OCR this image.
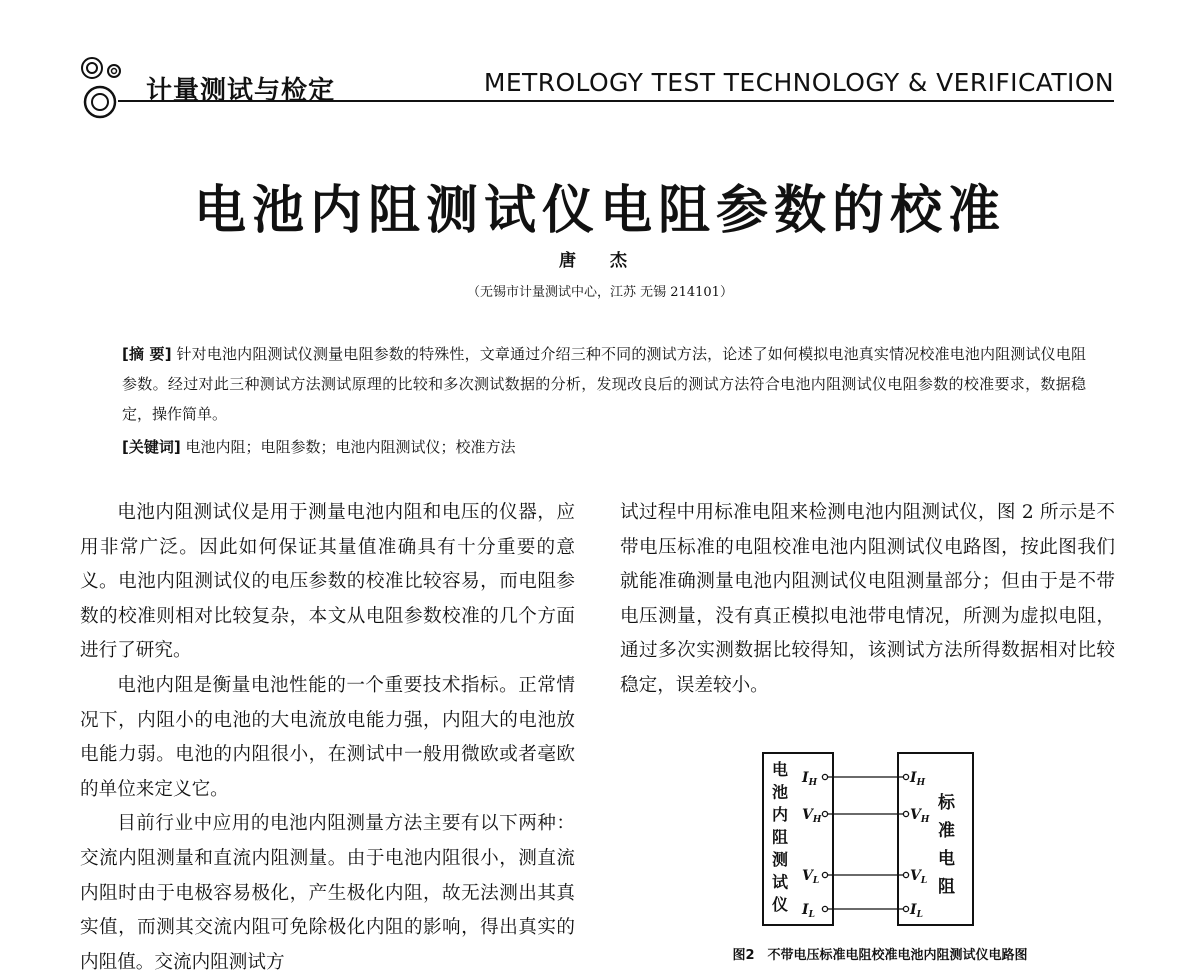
计量测试与检定	METROLOGY TEST TECHNOLOGY & VERIFICATION
电池内阻测试仪电阻参数的校准
唐 杰
（无锡市计量测试中心，江苏 无锡 214101）
[摘 要] 针对电池内阻测试仪测量电阻参数的特殊性，文章通过介绍三种不同的测试方法，论述了如何模拟电池真实情况校准电池内阻测试仪电阻参数。经过对此三种测试方法测试原理的比较和多次测试数据的分析，发现改良后的测试方法符合电池内阻测试仪电阻参数的校准要求，数据稳定，操作简单。
[关键词] 电池内阻；电阻参数；电池内阻测试仪；校准方法

电池内阻测试仪是用于测量电池内阻和电压的仪器，应用非常广泛。因此如何保证其量值准确具有十分重要的意义。电池内阻测试仪的电压参数的校准比较容易，而电阻参数的校准则相对比较复杂，本文从电阻参数校准的几个方面进行了研究。

电池内阻是衡量电池性能的一个重要技术指标。正常情况下，内阻小的电池的大电流放电能力强，内阻大的电池放电能力弱。电池的内阻很小，在测试中一般用微欧或者毫欧的单位来定义它。

目前行业中应用的电池内阻测量方法主要有以下两种：交流内阻测量和直流内阻测量。由于电池内阻很小，测直流内阻时由于电极容易极化，产生极化内阻，故无法测出其真实值，而测其交流内阻可免除极化内阻的影响，得出真实的内阻值。交流内阻测试方

试过程中用标准电阻来检测电池内阻测试仪，图 2 所示是不带电压标准的电阻校准电池内阻测试仪电路图，按此图我们就能准确测量电池内阻测试仪电阻测量部分；但由于是不带电压测量，没有真正模拟电池带电情况，所测为虚拟电阻，通过多次实测数据比较得知，该测试方法所得数据相对比较稳定，误差较小。

电
池
内
阻
测
试
仪
标
准
电
阻
$I_H$	$I_H$
$V_H$	$V_H$
$V_L$	$V_L$
$I_L$	$I_L$
图2　不带电压标准电阻校准电池内阻测试仪电路图
